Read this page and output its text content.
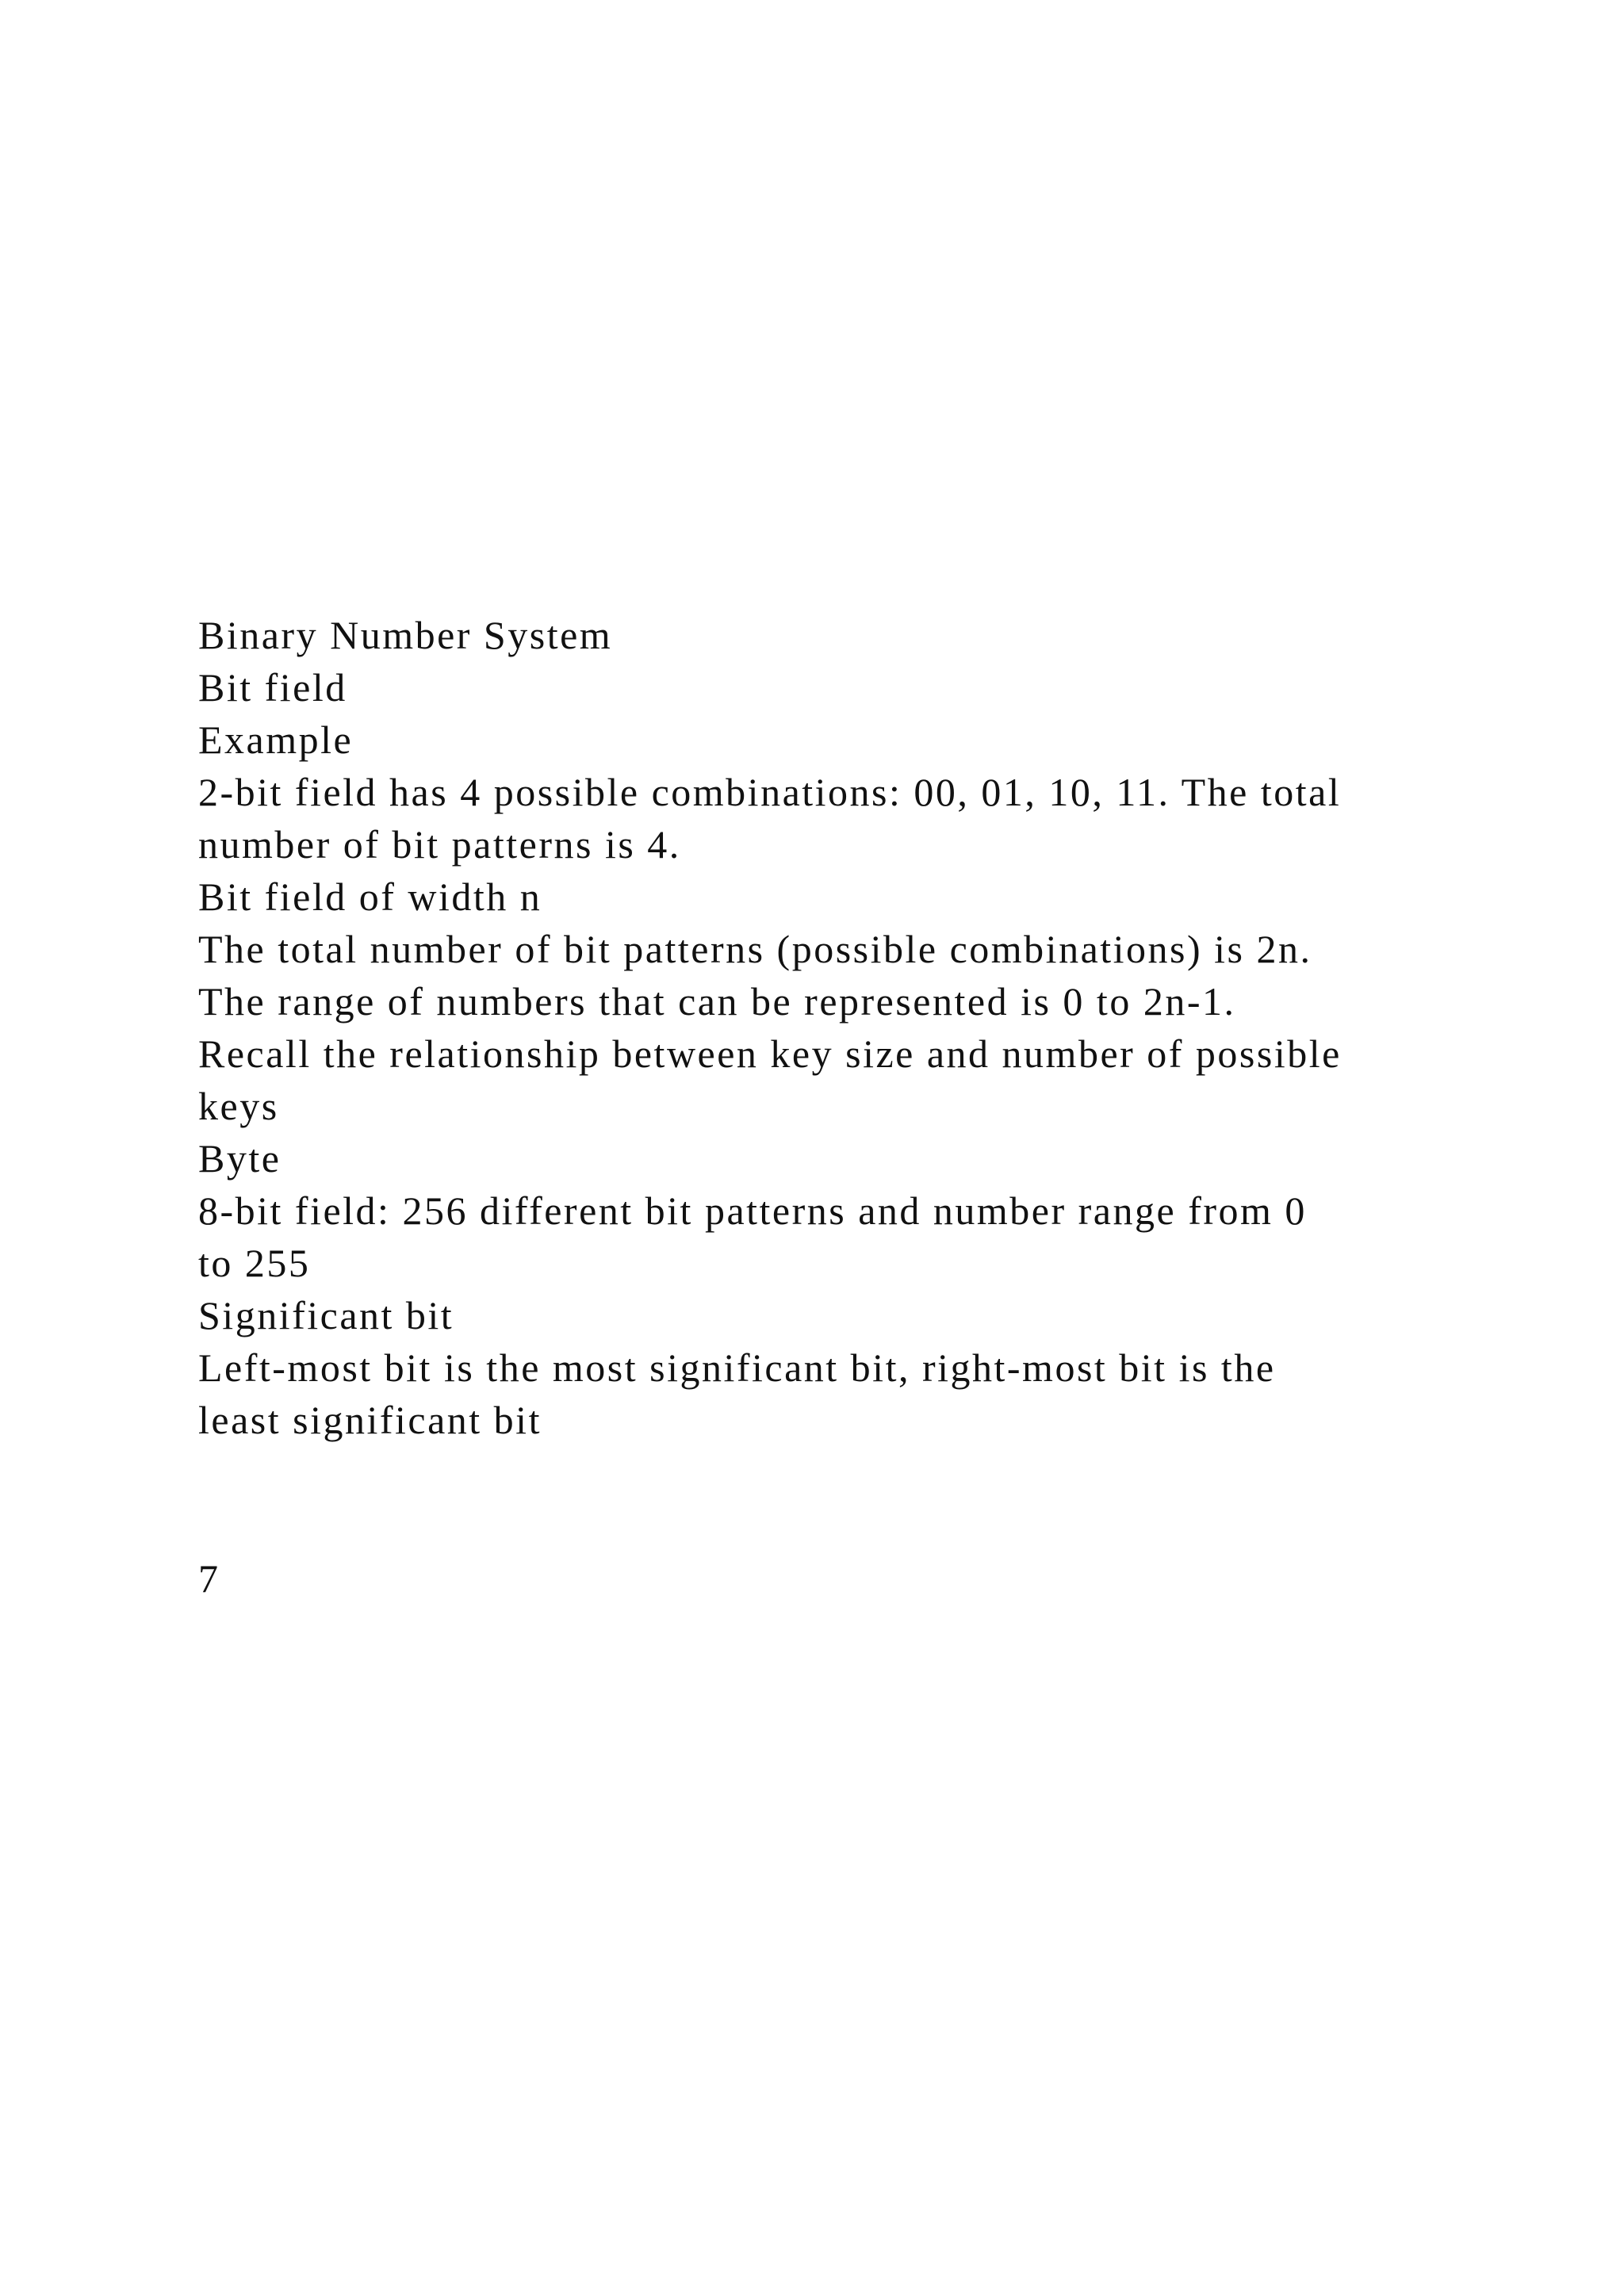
Binary Number System

Bit field

Example

2-bit field has 4 possible combinations: 00, 01, 10, 11. The total

number of bit patterns is 4.

Bit field of width n

The total number of bit patterns (possible combinations) is 2n.

The range of numbers that can be represented is 0 to 2n-1.

Recall the relationship between key size and number of possible

keys

Byte

8-bit field: 256 different bit patterns and number range from 0

to 255

Significant bit

Left-most bit is the most significant bit, right-most bit is the

least significant bit

7
